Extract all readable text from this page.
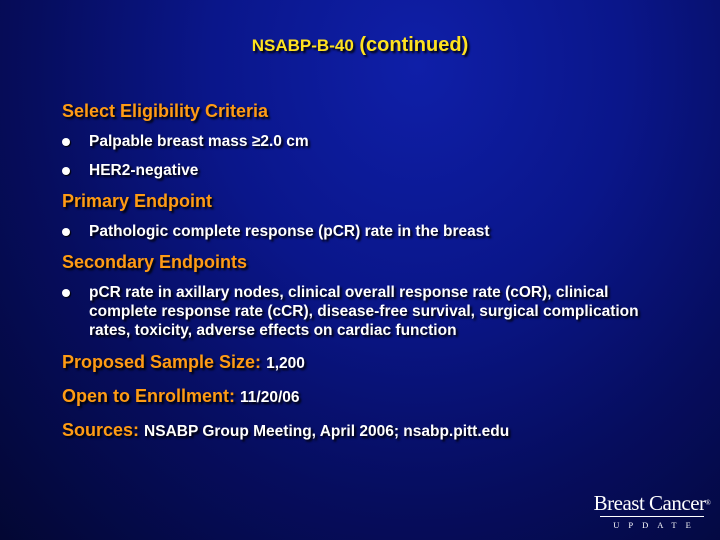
NSABP-B-40 (continued)
Select Eligibility Criteria
Palpable breast mass ≥2.0 cm
HER2-negative
Primary Endpoint
Pathologic complete response (pCR) rate in the breast
Secondary Endpoints
pCR rate in axillary nodes, clinical overall response rate (cOR), clinical complete response rate (cCR), disease-free survival, surgical complication rates, toxicity, adverse effects on cardiac function
Proposed Sample Size: 1,200
Open to Enrollment: 11/20/06
Sources: NSABP Group Meeting, April 2006; nsabp.pitt.edu
Breast Cancer®
UPDATE
